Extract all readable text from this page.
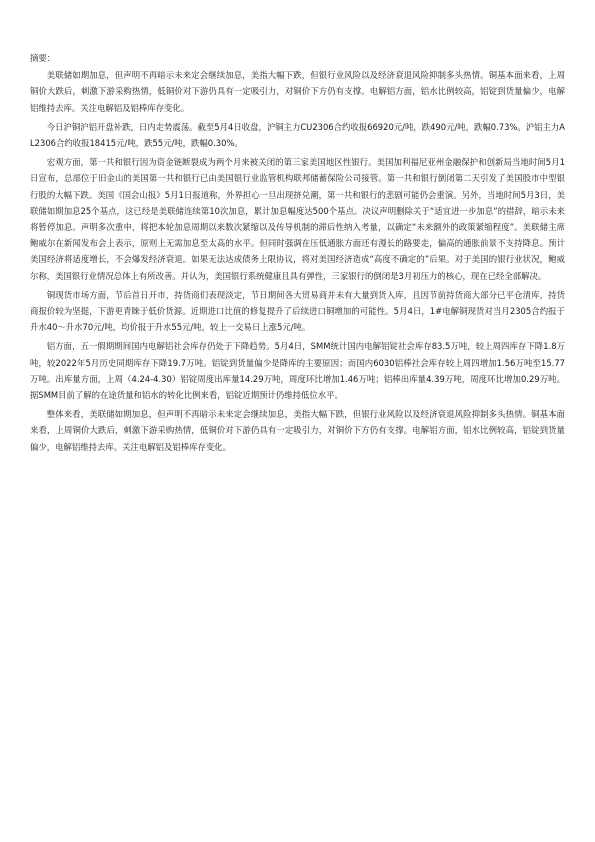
摘要：

美联储如期加息，但声明不再暗示未来定会继续加息，美指大幅下跌，但银行业风险以及经济衰退风险抑制多头热情。铜基本面来看，上周铜价大跌后，刺激下游采购热情，低铜价对下游仍具有一定吸引力，对铜价下方仍有支撑。电解铝方面，铝水比例较高，铝锭到货量偏少，电解铝维持去库。关注电解铝及铝棒库存变化。

今日沪铜沪铝开盘补跌，日内走势震荡。截至5月4日收盘，沪铜主力CU2306合约收报66920元/吨，跌490元/吨，跌幅0.73%。沪铝主力AL2306合约收报18415元/吨，跌55元/吨，跌幅0.30%。

宏观方面，第一共和银行因为资金链断裂成为两个月来被关闭的第三家美国地区性银行。美国加利福尼亚州金融保护和创新局当地时间5月1日宣布，总部位于旧金山的美国第一共和银行已由美国银行业监管机构联邦储蓄保险公司接管。第一共和银行倒闭第二天引发了美国股市中型银行股的大幅下跌。美国《国会山报》5月1日报道称，外界担心一旦出现挤兑潮，第一共和银行的悲剧可能仍会重演。另外，当地时间5月3日，美联储如期加息25个基点，这已经是美联储连续第10次加息，累计加息幅度达500个基点。决议声明删除关于“适宜进一步加息”的措辞，暗示未来将暂停加息。声明多次重申，将把本轮加息周期以来数次紧缩以及传导机制的滞后性纳入考量，以确定“未来额外的政策紧缩程度”。美联储主席鲍威尔在新闻发布会上表示，原则上无需加息至太高的水平。但同时强调在压低通胀方面还有漫长的路要走，偏高的通胀前景不支持降息。预计美国经济将适度增长，不会爆发经济衰退。如果无法达成债务上限协议，将对美国经济造成“高度不确定的”后果。对于美国的银行业状况，鲍威尔称，美国银行业情况总体上有所改善。并认为，美国银行系统健康且具有弹性，三家银行的倒闭是3月初压力的核心，现在已经全部解决。

铜现货市场方面，节后首日开市，持货商们表现淡定，节日期间各大贸易商并未有大量到货入库，且因节前持货商大部分已平仓清库，持货商报价较为坚挺，下游更青睐于低价货源。近期进口比值的修复提升了后续进口铜增加的可能性。5月4日，1#电解铜现货对当月2305合约报于升水40～升水70元/吨，均价报于升水55元/吨，较上一交易日上涨5元/吨。

铝方面，五一假期期间国内电解铝社会库存仍处于下降趋势。5月4日，SMM统计国内电解铝锭社会库存83.5万吨，较上周四库存下降1.8万吨，较2022年5月历史同期库存下降19.7万吨。铝锭到货量偏少是降库的主要原因；而国内6030铝棒社会库存较上周四增加1.56万吨至15.77万吨。出库量方面，上周（4.24-4.30）铝锭周度出库量14.29万吨，周度环比增加1.46万吨；铝棒出库量4.39万吨，周度环比增加0.29万吨。据SMM目前了解的在途货量和铝水的转化比例来看，铝锭近期预计仍维持低位水平。

整体来看，美联储如期加息，但声明不再暗示未来定会继续加息，美指大幅下跌，但银行业风险以及经济衰退风险抑制多头热情。铜基本面来看，上周铜价大跌后，刺激下游采购热情，低铜价对下游仍具有一定吸引力，对铜价下方仍有支撑。电解铝方面，铝水比例较高，铝锭到货量偏少，电解铝维持去库。关注电解铝及铝棒库存变化。
